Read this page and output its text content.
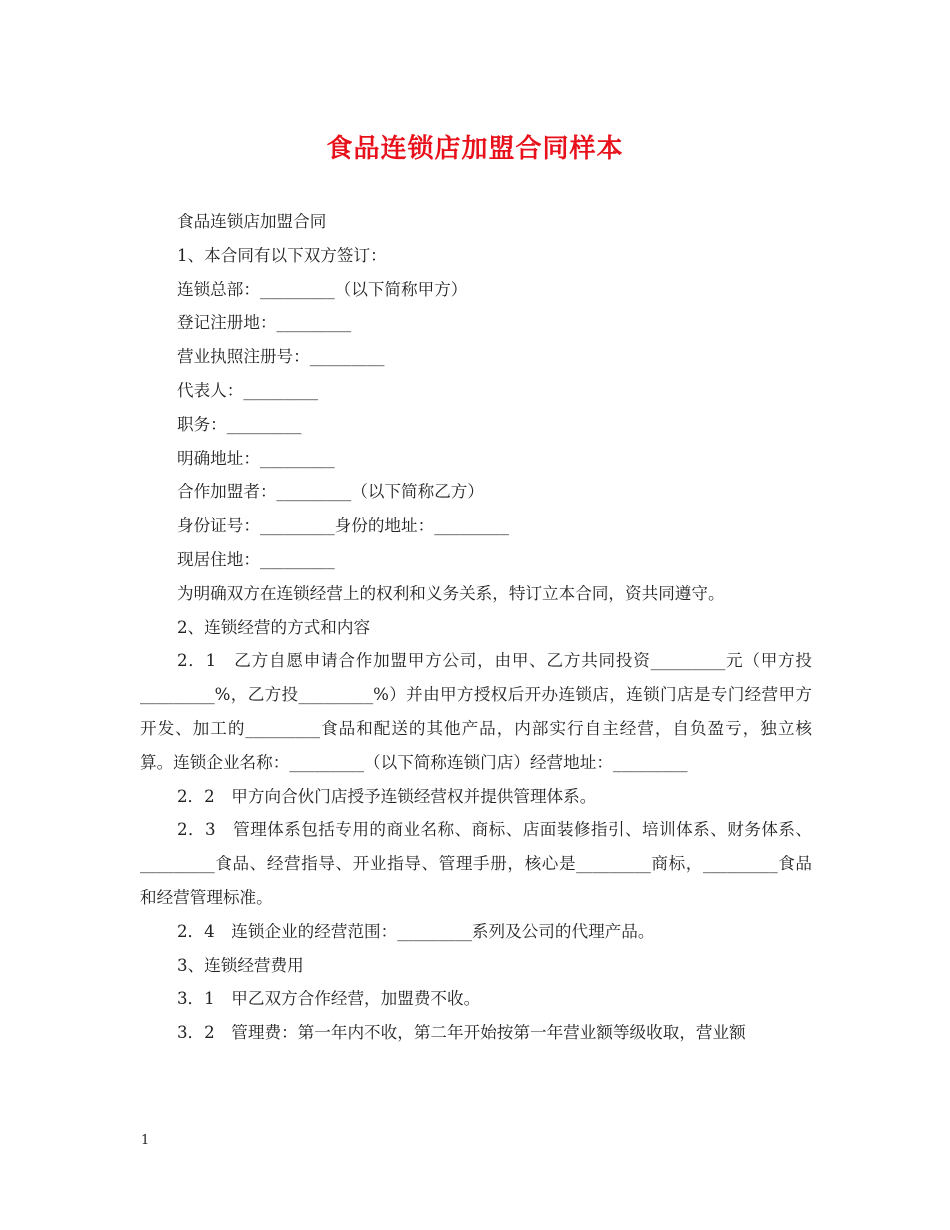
食品连锁店加盟合同样本

食品连锁店加盟合同

1、本合同有以下双方签订：

连锁总部：_________（以下简称甲方）

登记注册地：_________

营业执照注册号：_________

代表人：_________

职务：_________

明确地址：_________

合作加盟者：_________（以下简称乙方）

身份证号：_________身份的地址：_________

现居住地：_________

为明确双方在连锁经营上的权利和义务关系，特订立本合同，资共同遵守。

2、连锁经营的方式和内容

2．1　乙方自愿申请合作加盟甲方公司，由甲、乙方共同投资_________元（甲方投_________%，乙方投_________%）并由甲方授权后开办连锁店，连锁门店是专门经营甲方开发、加工的_________食品和配送的其他产品，内部实行自主经营，自负盈亏，独立核算。连锁企业名称：_________（以下简称连锁门店）经营地址：_________

2．2　甲方向合伙门店授予连锁经营权并提供管理体系。

2．3　管理体系包括专用的商业名称、商标、店面装修指引、培训体系、财务体系、_________食品、经营指导、开业指导、管理手册，核心是_________商标，_________食品和经营管理标准。

2．4　连锁企业的经营范围：_________系列及公司的代理产品。

3、连锁经营费用

3．1　甲乙双方合作经营，加盟费不收。

3．2　管理费：第一年内不收，第二年开始按第一年营业额等级收取，营业额

1
